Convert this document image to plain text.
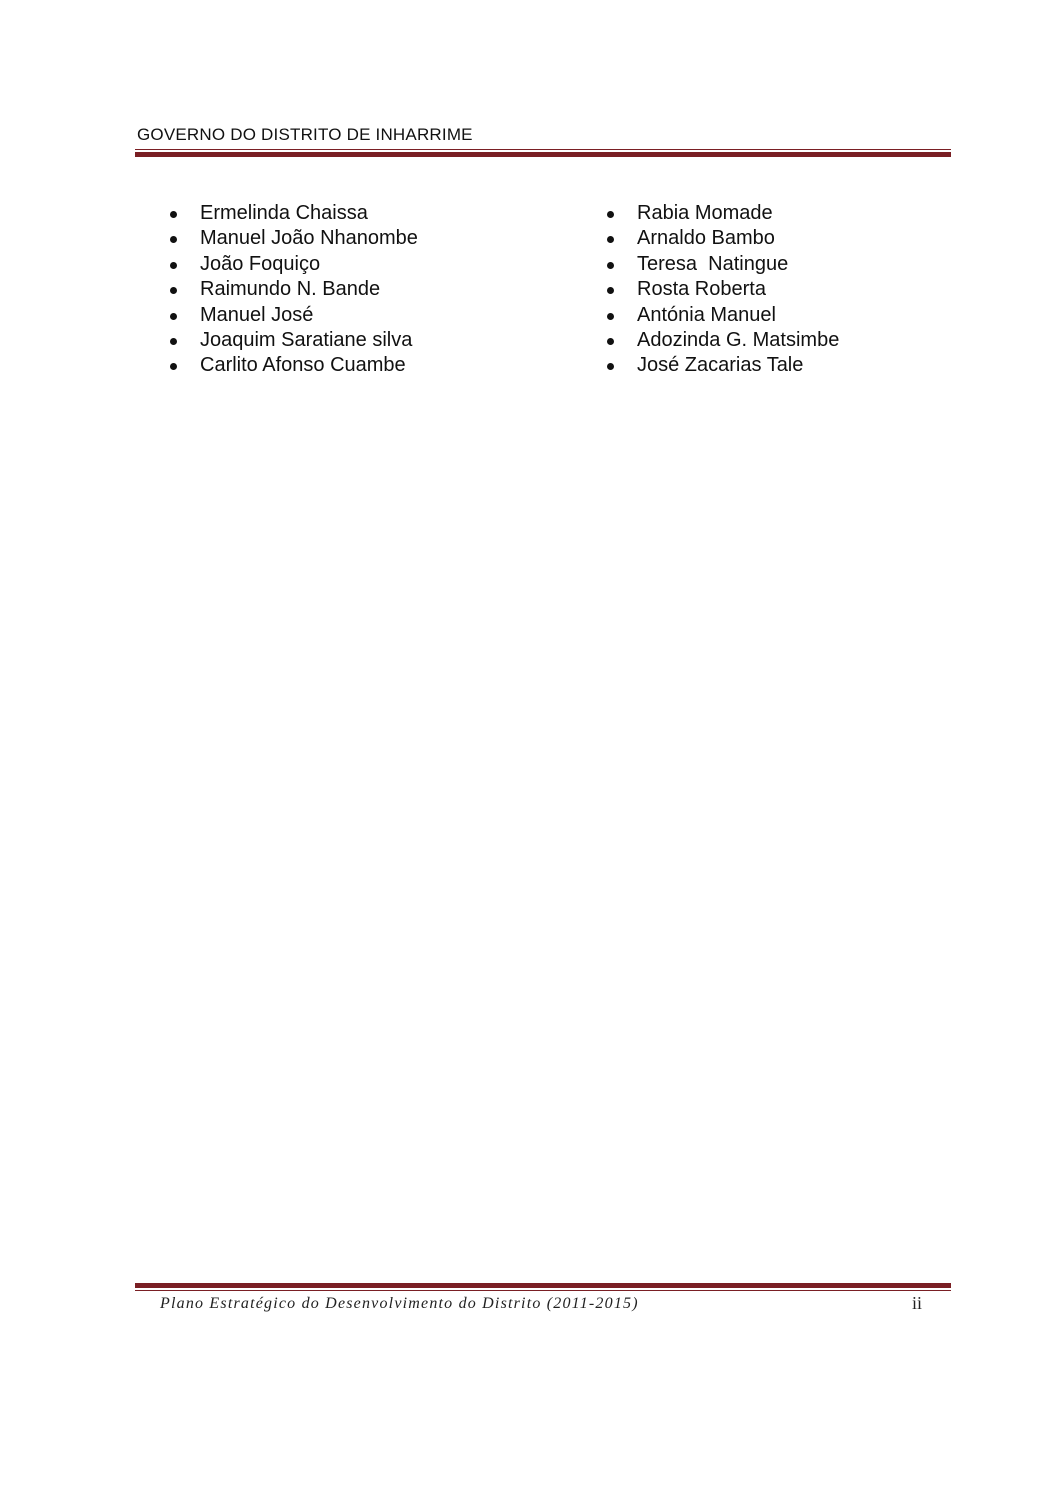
GOVERNO DO DISTRITO DE INHARRIME
Ermelinda Chaissa
Manuel João Nhanombe
João Foquiço
Raimundo N. Bande
Manuel José
Joaquim Saratiane silva
Carlito Afonso Cuambe
Rabia Momade
Arnaldo Bambo
Teresa  Natingue
Rosta Roberta
Antónia Manuel
Adozinda G. Matsimbe
José Zacarias Tale
Plano Estratégico do Desenvolvimento do Distrito (2011-2015)	ii
